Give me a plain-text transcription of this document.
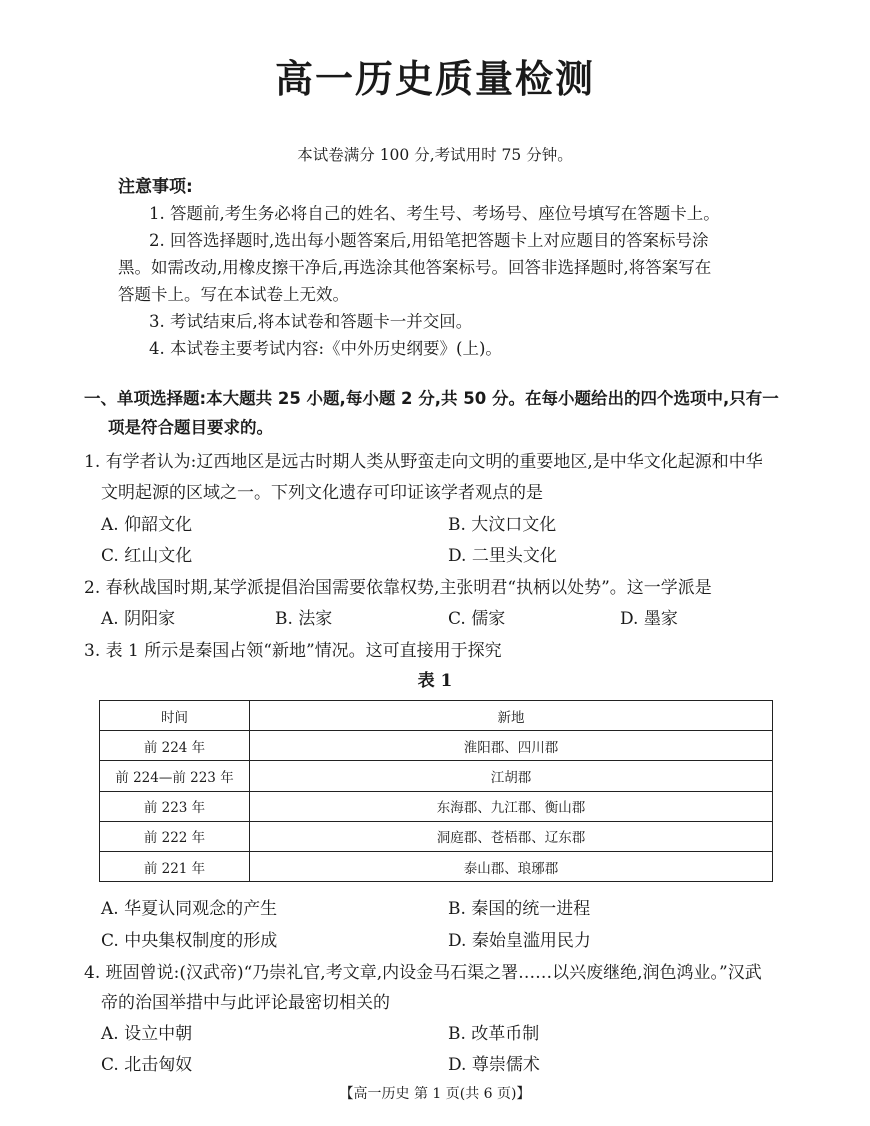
高一历史质量检测
本试卷满分 100 分,考试用时 75 分钟。
注意事项:
1. 答题前,考生务必将自己的姓名、考生号、考场号、座位号填写在答题卡上。
2. 回答选择题时,选出每小题答案后,用铅笔把答题卡上对应题目的答案标号涂
黑。如需改动,用橡皮擦干净后,再选涂其他答案标号。回答非选择题时,将答案写在
答题卡上。写在本试卷上无效。
3. 考试结束后,将本试卷和答题卡一并交回。
4. 本试卷主要考试内容:《中外历史纲要》(上)。
一、单项选择题:本大题共 25 小题,每小题 2 分,共 50 分。在每小题给出的四个选项中,只有一
项是符合题目要求的。
1. 有学者认为:辽西地区是远古时期人类从野蛮走向文明的重要地区,是中华文化起源和中华
文明起源的区域之一。下列文化遗存可印证该学者观点的是
A. 仰韶文化	B. 大汶口文化
C. 红山文化	D. 二里头文化
2. 春秋战国时期,某学派提倡治国需要依靠权势,主张明君“执柄以处势”。这一学派是
A. 阴阳家	B. 法家	C. 儒家	D. 墨家
3. 表 1 所示是秦国占领“新地”情况。这可直接用于探究
表 1
时间	新地
前 224 年	淮阳郡、四川郡
前 224—前 223 年	江胡郡
前 223 年	东海郡、九江郡、衡山郡
前 222 年	洞庭郡、苍梧郡、辽东郡
前 221 年	泰山郡、琅琊郡
A. 华夏认同观念的产生	B. 秦国的统一进程
C. 中央集权制度的形成	D. 秦始皇滥用民力
4. 班固曾说:(汉武帝)“乃崇礼官,考文章,内设金马石渠之署……以兴废继绝,润色鸿业。”汉武
帝的治国举措中与此评论最密切相关的
A. 设立中朝	B. 改革币制
C. 北击匈奴	D. 尊崇儒术
【高一历史 第 1 页(共 6 页)】
